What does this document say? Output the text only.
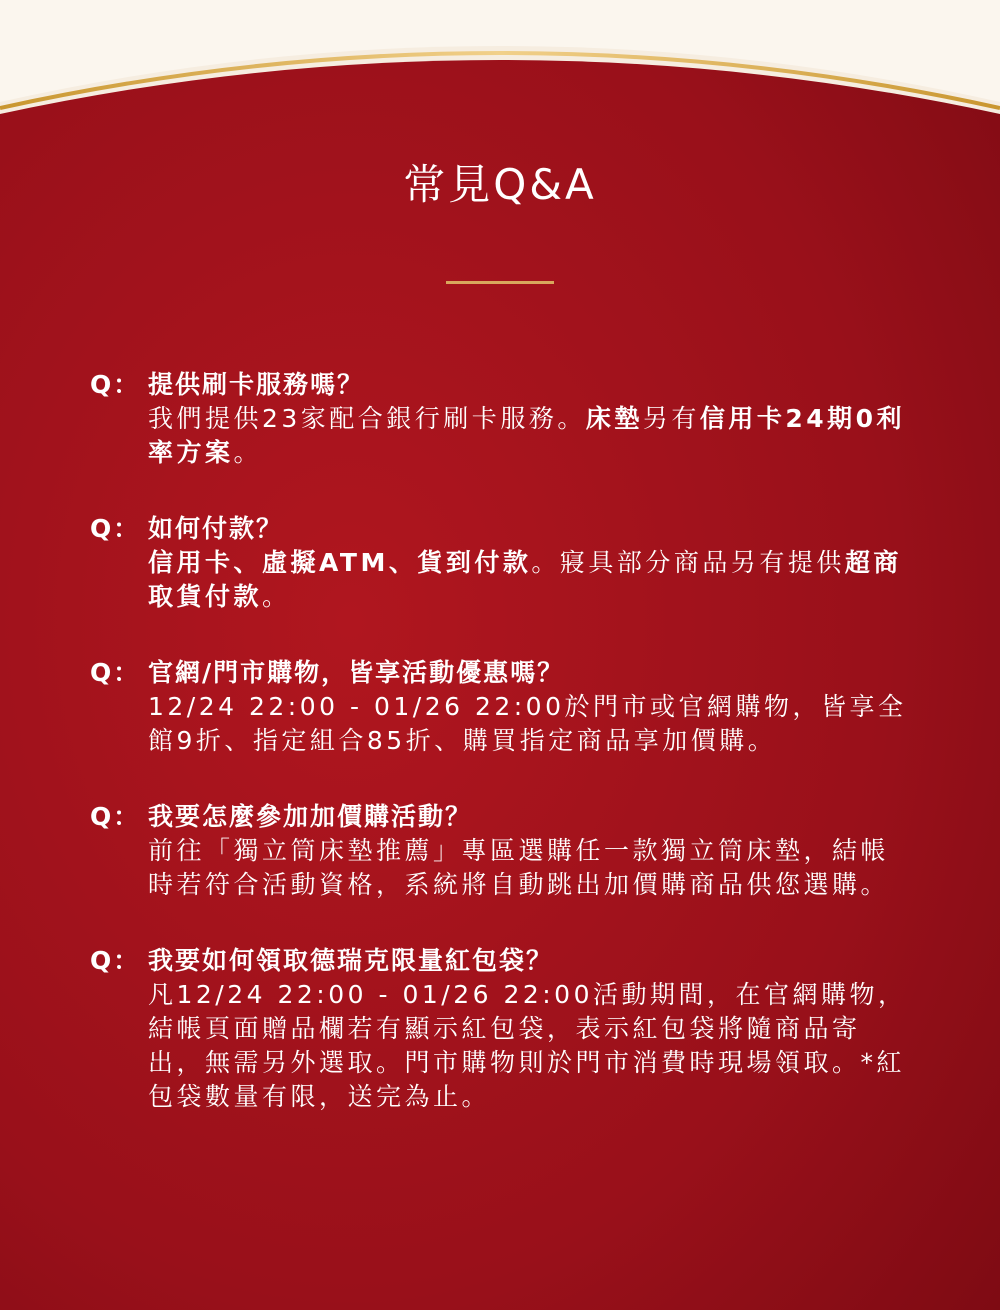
常見Q&A
Q： 提供刷卡服務嗎？
我們提供23家配合銀行刷卡服務。床墊另有信用卡24期0利率方案。
Q： 如何付款？
信用卡、虛擬ATM、貨到付款。寢具部分商品另有提供超商取貨付款。
Q： 官網/門市購物，皆享活動優惠嗎？
12/24 22:00 - 01/26 22:00於門市或官網購物，皆享全館9折、指定組合85折、購買指定商品享加價購。
Q： 我要怎麼參加加價購活動？
前往「獨立筒床墊推薦」專區選購任一款獨立筒床墊，結帳時若符合活動資格，系統將自動跳出加價購商品供您選購。
Q： 我要如何領取德瑞克限量紅包袋？
凡12/24 22:00 - 01/26 22:00活動期間，在官網購物，結帳頁面贈品欄若有顯示紅包袋，表示紅包袋將隨商品寄出，無需另外選取。門市購物則於門市消費時現場領取。*紅包袋數量有限，送完為止。
